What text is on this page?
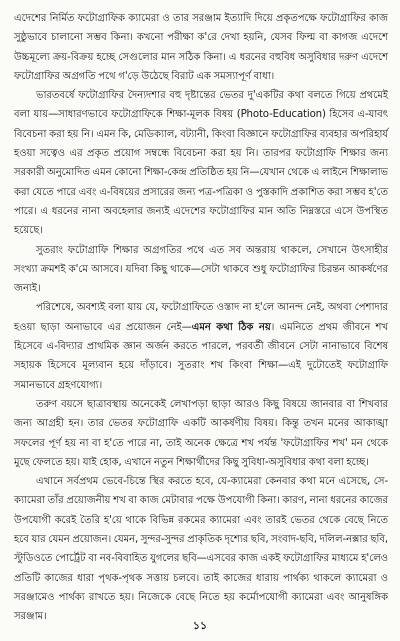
এদেশের নির্মিত ফটোগ্রাফিক ক্যামেরা ও তার সরঞ্জাম ইত্যাদি দিয়ে প্রকৃতপক্ষে ফটোগ্রাফির কাজ সুষ্ঠুভাবে চালানো সম্ভব কিনা। কখনো পরীক্ষা ক'রে দেখা হয়নি, যেসব ফিল্ম বা কাগজ এদেশে উচ্চমূল্যে ক্রয়-বিক্রয় হচ্ছে সেগুলোর মান সঠিক কিনা। এ ধরনের বহুবিধ অসুবিধার দরুণ এদেশে ফটোগ্রাফির অগ্রগতি পথে গ'ড়ে উঠেছে বিরাট এক সমস্যাপূর্ণ বাধা।

ভারতবর্ষে ফটোগ্রাফির দৈন্যদশার বহু দৃষ্টান্তের ভেতর দু'একটির কথা বলতে গিয়ে প্রথমেই বলা যায়—সাধারণভাবে ফটোগ্রাফিকে শিক্ষা-মূলক বিষয় (Photo-Education) হিসেব এ-যাবৎ বিবেচনা করা হয় নি। এমন কি, মেডিক্যাল, বট্যানী, কিংবা বিজ্ঞানে ফটোগ্রাফির ব্যবহার অপরিহার্য হওয়া সত্বেও এর প্রকৃত প্রয়োগ সম্বন্ধে বিবেচনা করা হয় নি। তারপর ফটোগ্রাফি শিক্ষার জন্য সরকারী অনুমোদিত এমন কোনো শিক্ষা-কেন্দ্র প্রতিষ্ঠিত হয় নি—যেখান থেকে এ লাইনে শিক্ষালাভ করা যেতে পারে এবং এ-বিষয়ের প্রসারের জন্য পত্র-পত্রিকা ও পুস্তকাদি প্রকাশিত করা সম্ভব হ'তে পারে। এ ধরনের নানা অবহেলার জন্যই এদেশের ফটোগ্রাফির মান অতি নিম্নস্তরে এসে উপস্থিত হয়েছে।

সুতরাং ফটোগ্রাফি শিক্ষার অগ্রগতির পথে এত সব অন্তরায় থাকলে, সেখানে উৎসাহীর সংখ্যা ক্রমশই ক'মে আসবে। যদিবা কিছু থাকে—সেটা থাকবে শুধু ফটোগ্রাফির চিরন্তন আকর্ষণের জন্যই।

পরিশেষে, অবশ্যই বলা যায় যে, ফটোগ্রাফিতে ওস্তাদ না হ'লে আনন্দ নেই, অথবা পেশাদার হওয়া ছাড়া অনাভাবে এর প্রয়োজন নেই—এমন কথা ঠিক নয়। এমনিতে প্রথম জীবনে শখ হিসেবে এ-বিদ্যার প্রাথমিক জ্ঞান অর্জন করতে পারলে, পরবর্তী জীবনে সেটা নানাভাবে বিশেষ সহায়ক হিসেবে মূল্যবান হয়ে দাঁড়াবে। সুতরাং শখ কিংবা শিক্ষা—এই দুটোতেই ফটোগ্রাফি সমানভাবে গ্রহণযোগ্য।

তরুণ বয়সে ছাত্রাবস্থায় অনেকেই লেখাপড়া ছাড়া আরও কিছু বিষয়ে জানবার বা শিখবার জন্য আগ্রহী হন। তার ভেতর ফটোগ্রাফি একটি আকর্ষণীয় বিষয়। কিন্তু তখন মনের আকাঙ্খা সফলের পূর্ণ হয় না বা হ'তে পারে না, তাই অনেক ক্ষেত্রে শখ পর্যন্ত 'ফটোগ্রাফির শখ' মন থেকে মুছে ফেলতে হয়। যাই হোক, এখানে নতুন শিক্ষার্থীদের কিছু সুবিধা-অসুবিধার কথা বলা হচ্ছে।

এখানে সর্বপ্রথম ভেবে-চিন্তে স্থির করতে হবে, যে-ক্যামেরা কেনবার কথা মনে এসেছে, সে-ক্যামেরা তাঁর প্রয়োজনীয় শখ বা কাজ মেটাবার পক্ষে উপযোগী কিনা। কারণ, নানা ধরনের কাজের উপযোগী করেই তৈরি হ'য়ে থাকে বিভিন্ন রকমের ক্যামেরা এবং তারই ভেতর থেকে বেছে নিতে হবে যার যেমন প্রয়োজন। যেমন, সুন্দর-সুন্দর প্রাকৃতিক দৃশ্যের ছবি, সংবাদ-ছবি, দলিল-নক্সার ছবি, স্টুডিওতে পোর্ট্রেট বা নব-বিবাহিত যুগলের ছবি—এসবের কাজ একই ফটোগ্রাফির মাধ্যমে হ'লেও প্রতিটি কাজের ধারা পৃথক-পৃথক সত্তায় চলবে। তাই কাজের ধারায় পার্থক্য থাকলে ক্যামেরা ও সরঞ্জামেও পার্থক্য রাখতে হয়। নিজেকে বেছে নিতে হয় কর্মোপযোগী ক্যামেরা এবং আনুষঙ্গিক সরঞ্জাম।

১১
